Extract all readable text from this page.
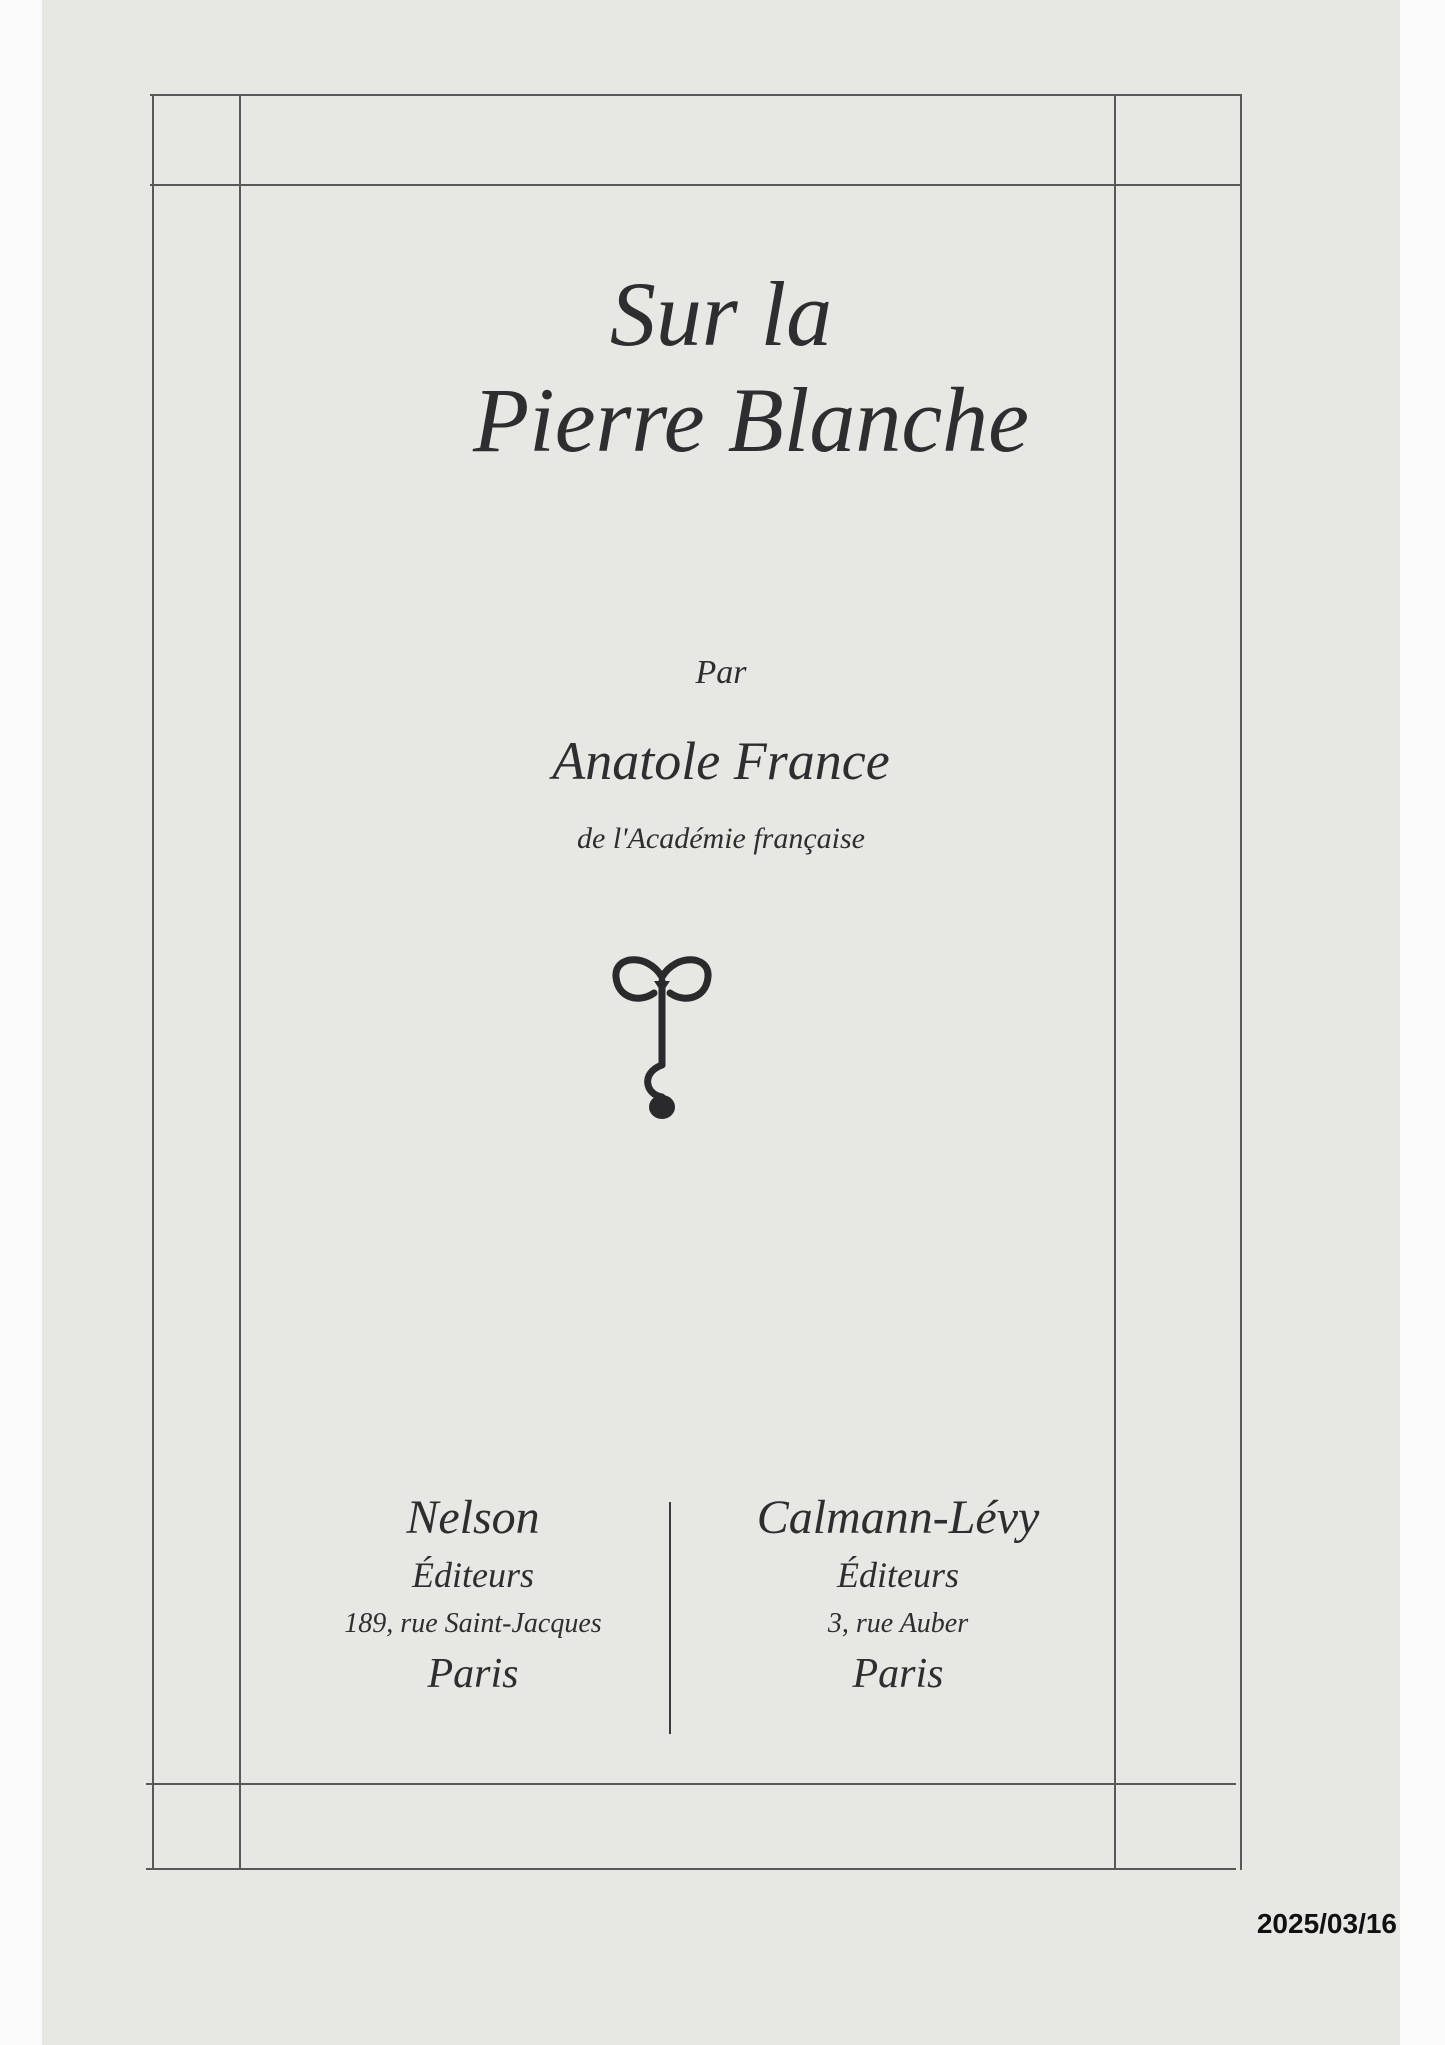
Sur la
Pierre Blanche
Par
Anatole France
de l'Académie française
Nelson
Éditeurs
189, rue Saint-Jacques
Paris
Calmann-Lévy
Éditeurs
3, rue Auber
Paris
2025/03/16
